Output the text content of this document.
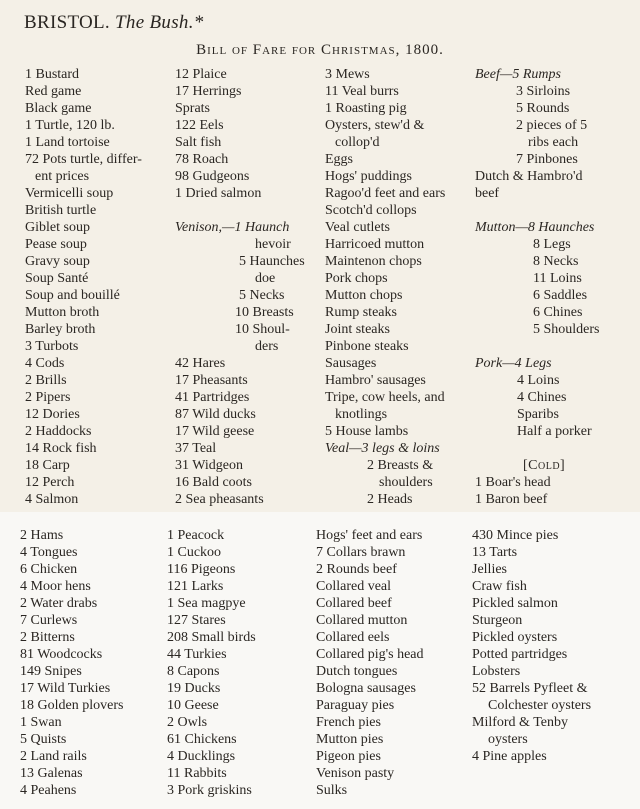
BRISTOL. The Bush.*
Bill of Fare for Christmas, 1800.
1 Bustard
Red game
Black game
1 Turtle, 120 lb.
1 Land tortoise
72 Pots turtle, differ-
ent prices
Vermicelli soup
British turtle
Giblet soup
Pease soup
Gravy soup
Soup Santé
Soup and bouillé
Mutton broth
Barley broth
3 Turbots
4 Cods
2 Brills
2 Pipers
12 Dories
2 Haddocks
14 Rock fish
18 Carp
12 Perch
4 Salmon
12 Plaice
17 Herrings
Sprats
122 Eels
Salt fish
78 Roach
98 Gudgeons
1 Dried salmon
Venison,—1 Haunch
hevoir
5 Haunches
doe
5 Necks
10 Breasts
10 Shoul-
ders
42 Hares
17 Pheasants
41 Partridges
87 Wild ducks
17 Wild geese
37 Teal
31 Widgeon
16 Bald coots
2 Sea pheasants
3 Mews
11 Veal burrs
1 Roasting pig
Oysters, stew'd &
collop'd
Eggs
Hogs' puddings
Ragoo'd feet and ears
Scotch'd collops
Veal cutlets
Harricoed mutton
Maintenon chops
Pork chops
Mutton chops
Rump steaks
Joint steaks
Pinbone steaks
Sausages
Hambro' sausages
Tripe, cow heels, and
knotlings
5 House lambs
Veal—3 legs & loins
2 Breasts &
shoulders
2 Heads
Beef—5 Rumps
3 Sirloins
5 Rounds
2 pieces of 5
ribs each
7 Pinbones
Dutch & Hambro'd
beef
Mutton—8 Haunches
8 Legs
8 Necks
11 Loins
6 Saddles
6 Chines
5 Shoulders
Pork—4 Legs
4 Loins
4 Chines
Sparibs
Half a porker
[Cold]
1 Boar's head
1 Baron beef
2 Hams
4 Tongues
6 Chicken
4 Moor hens
2 Water drabs
7 Curlews
2 Bitterns
81 Woodcocks
149 Snipes
17 Wild Turkies
18 Golden plovers
1 Swan
5 Quists
2 Land rails
13 Galenas
4 Peahens
1 Peacock
1 Cuckoo
116 Pigeons
121 Larks
1 Sea magpye
127 Stares
208 Small birds
44 Turkies
8 Capons
19 Ducks
10 Geese
2 Owls
61 Chickens
4 Ducklings
11 Rabbits
3 Pork griskins
Hogs' feet and ears
7 Collars brawn
2 Rounds beef
Collared veal
Collared beef
Collared mutton
Collared eels
Collared pig's head
Dutch tongues
Bologna sausages
Paraguay pies
French pies
Mutton pies
Pigeon pies
Venison pasty
Sulks
430 Mince pies
13 Tarts
Jellies
Craw fish
Pickled salmon
Sturgeon
Pickled oysters
Potted partridges
Lobsters
52 Barrels Pyfleet &
Colchester oysters
Milford & Tenby
oysters
4 Pine apples
